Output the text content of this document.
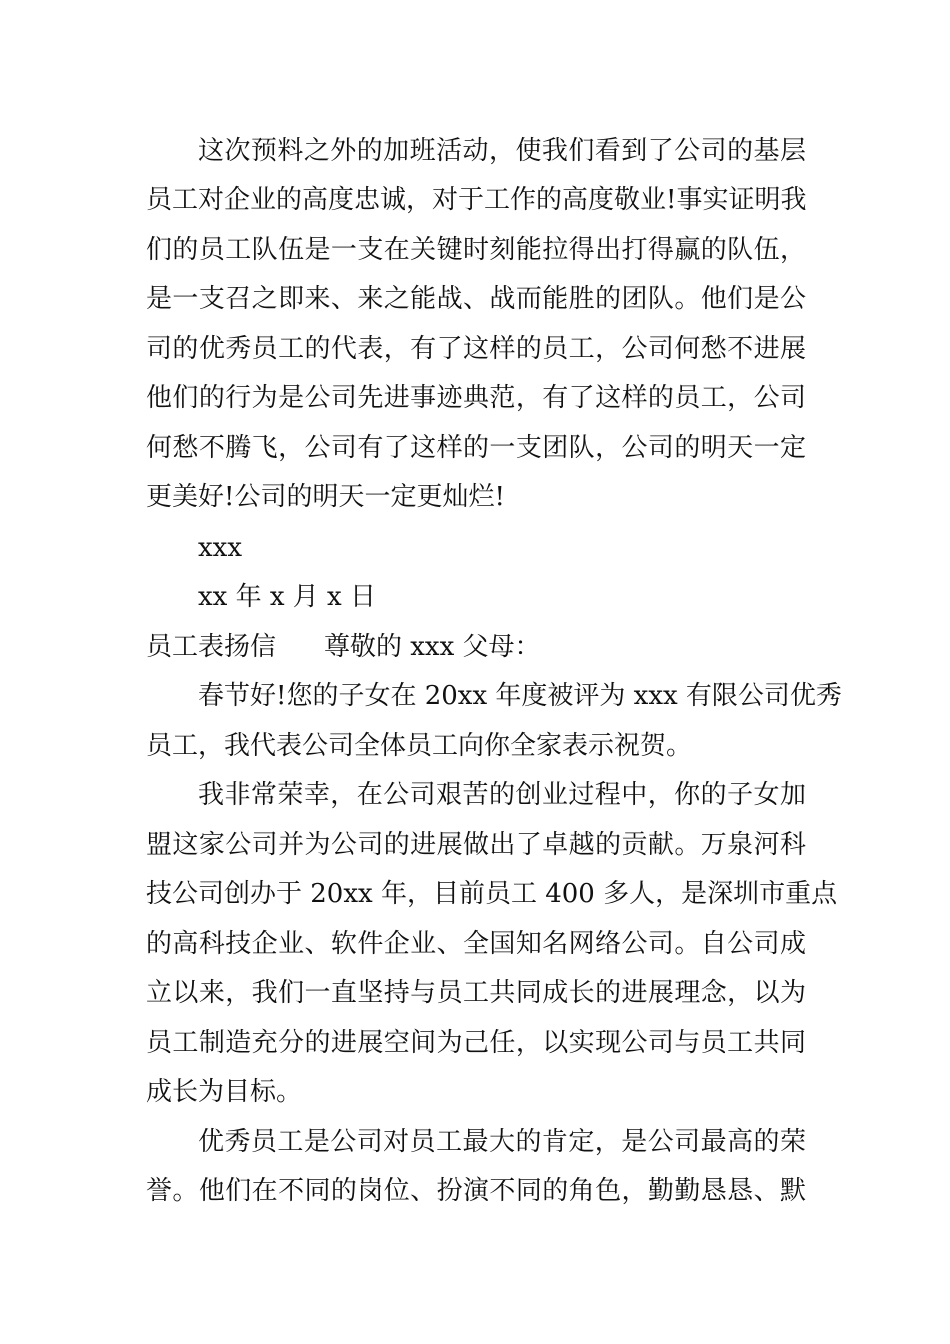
这次预料之外的加班活动，使我们看到了公司的基层
员工对企业的高度忠诚，对于工作的高度敬业!事实证明我
们的员工队伍是一支在关键时刻能拉得出打得赢的队伍，
是一支召之即来、来之能战、战而能胜的团队。他们是公
司的优秀员工的代表，有了这样的员工，公司何愁不进展
他们的行为是公司先进事迹典范，有了这样的员工，公司
何愁不腾飞，公司有了这样的一支团队，公司的明天一定
更美好!公司的明天一定更灿烂!
xxx
xx 年 x 月 x 日
员工表扬信	尊敬的 xxx 父母：
春节好!您的子女在 20xx 年度被评为 xxx 有限公司优秀
员工，我代表公司全体员工向你全家表示祝贺。
我非常荣幸，在公司艰苦的创业过程中，你的子女加
盟这家公司并为公司的进展做出了卓越的贡献。万泉河科
技公司创办于 20xx 年，目前员工 400 多人，是深圳市重点
的高科技企业、软件企业、全国知名网络公司。自公司成
立以来，我们一直坚持与员工共同成长的进展理念，以为
员工制造充分的进展空间为己任，以实现公司与员工共同
成长为目标。
优秀员工是公司对员工最大的肯定，是公司最高的荣
誉。他们在不同的岗位、扮演不同的角色，勤勤恳恳、默
